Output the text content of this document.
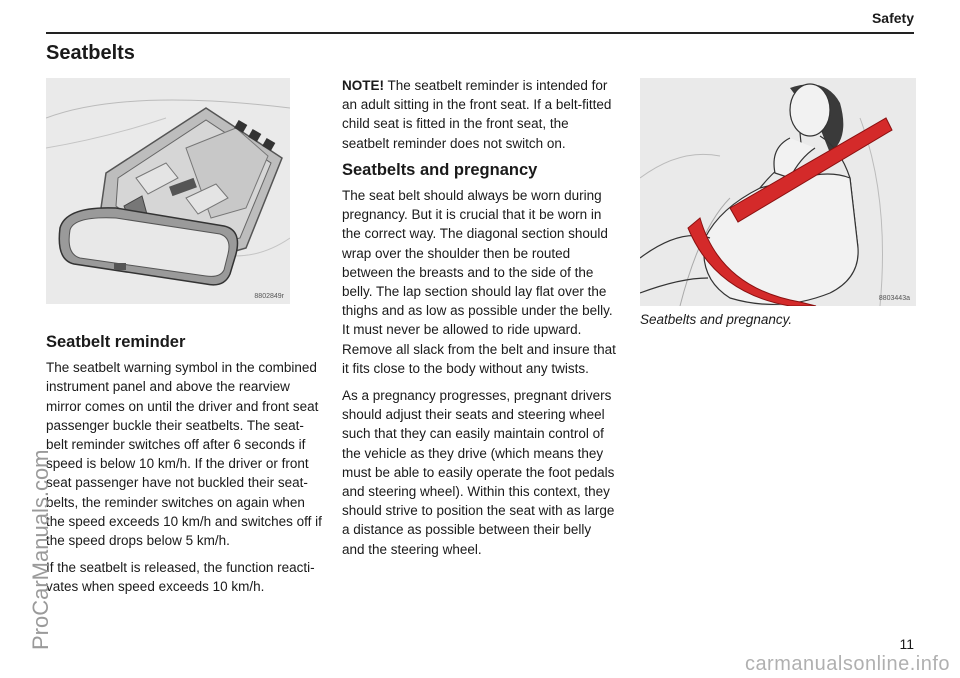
Safety
Seatbelts
8802849r
Seatbelt reminder

The seatbelt warning symbol in the combined instrument panel and above the rearview mirror comes on until the driver and front seat passenger buckle their seatbelts. The seat-belt reminder switches off after 6 seconds if speed is below 10 km/h. If the driver or front seat passenger have not buckled their seat-belts, the reminder switches on again when the speed exceeds 10 km/h and switches off if the speed drops below 5 km/h.

If the seatbelt is released, the function reacti-vates when speed exceeds 10 km/h.

NOTE! The seatbelt reminder is intended for an adult sitting in the front seat. If a belt-fitted child seat is fitted in the front seat, the seatbelt reminder does not switch on.

Seatbelts and pregnancy

The seat belt should always be worn during pregnancy. But it is crucial that it be worn in the correct way. The diagonal section should wrap over the shoulder then be routed between the breasts and to the side of the belly. The lap section should lay flat over the thighs and as low as possible under the belly. It must never be allowed to ride upward. Remove all slack from the belt and insure that it fits close to the body without any twists.

As a pregnancy progresses, pregnant drivers should adjust their seats and steering wheel such that they can easily maintain control of the vehicle as they drive (which means they must be able to easily operate the foot pedals and steering wheel). Within this context, they should strive to position the seat with as large a distance as possible between their belly and the steering wheel.

8803443a
Seatbelts and pregnancy.
ProCarManuals.com	11
carmanualsonline.info
